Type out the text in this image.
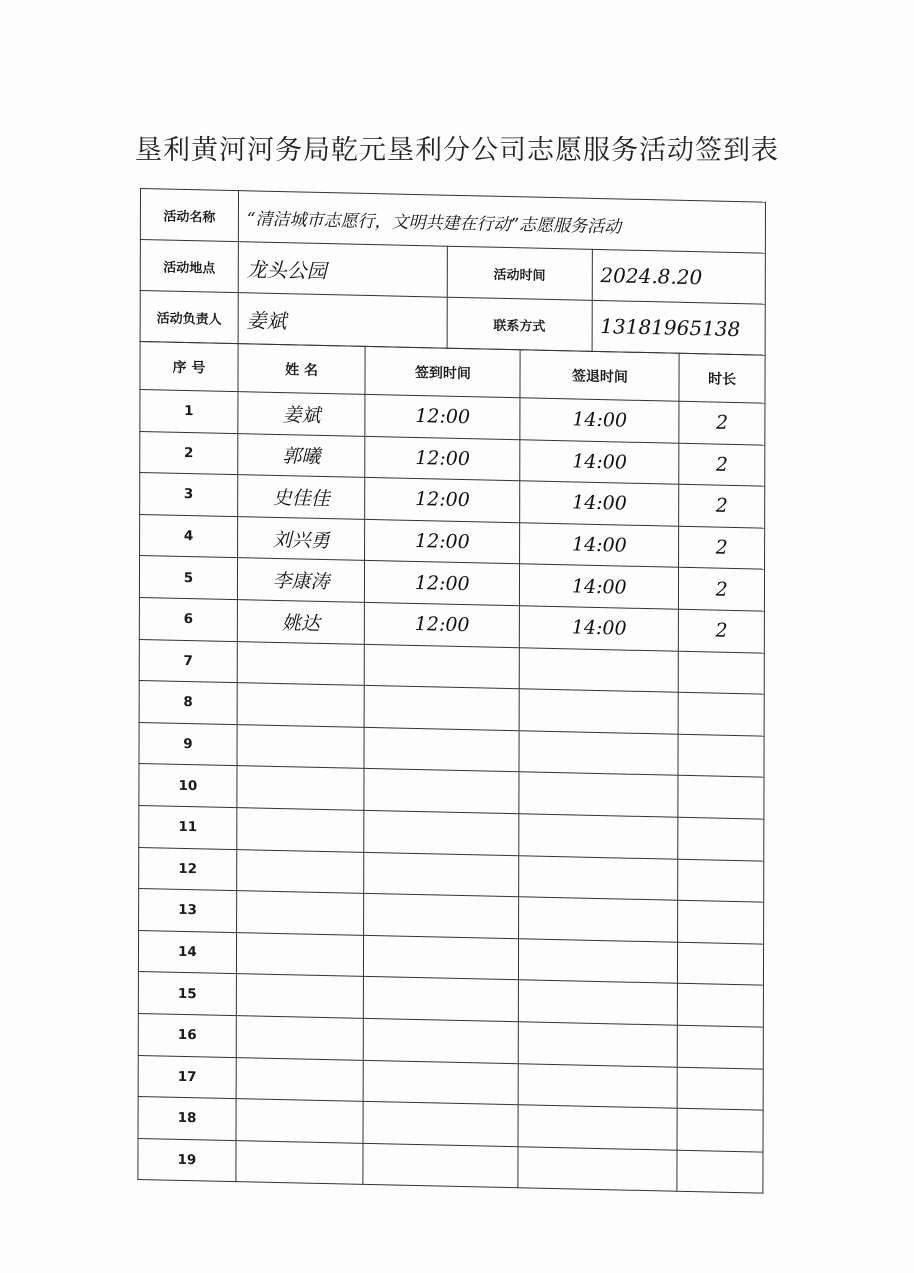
垦利黄河河务局乾元垦利分公司志愿服务活动签到表
活动名称	“清洁城市志愿行，文明共建在行动”志愿服务活动		
活动地点	龙头公园	活动时间	2024.8.20
活动负责人	姜斌	联系方式	13181965138
序 号	姓 名	签到时间	签退时间	时长
1	姜斌	12:00	14:00	2
2	郭曦	12:00	14:00	2
3	史佳佳	12:00	14:00	2
4	刘兴勇	12:00	14:00	2
5	李康涛	12:00	14:00	2
6	姚达	12:00	14:00	2
7				
8				
9				
10				
11				
12				
13				
14				
15				
16				
17				
18				
19				
